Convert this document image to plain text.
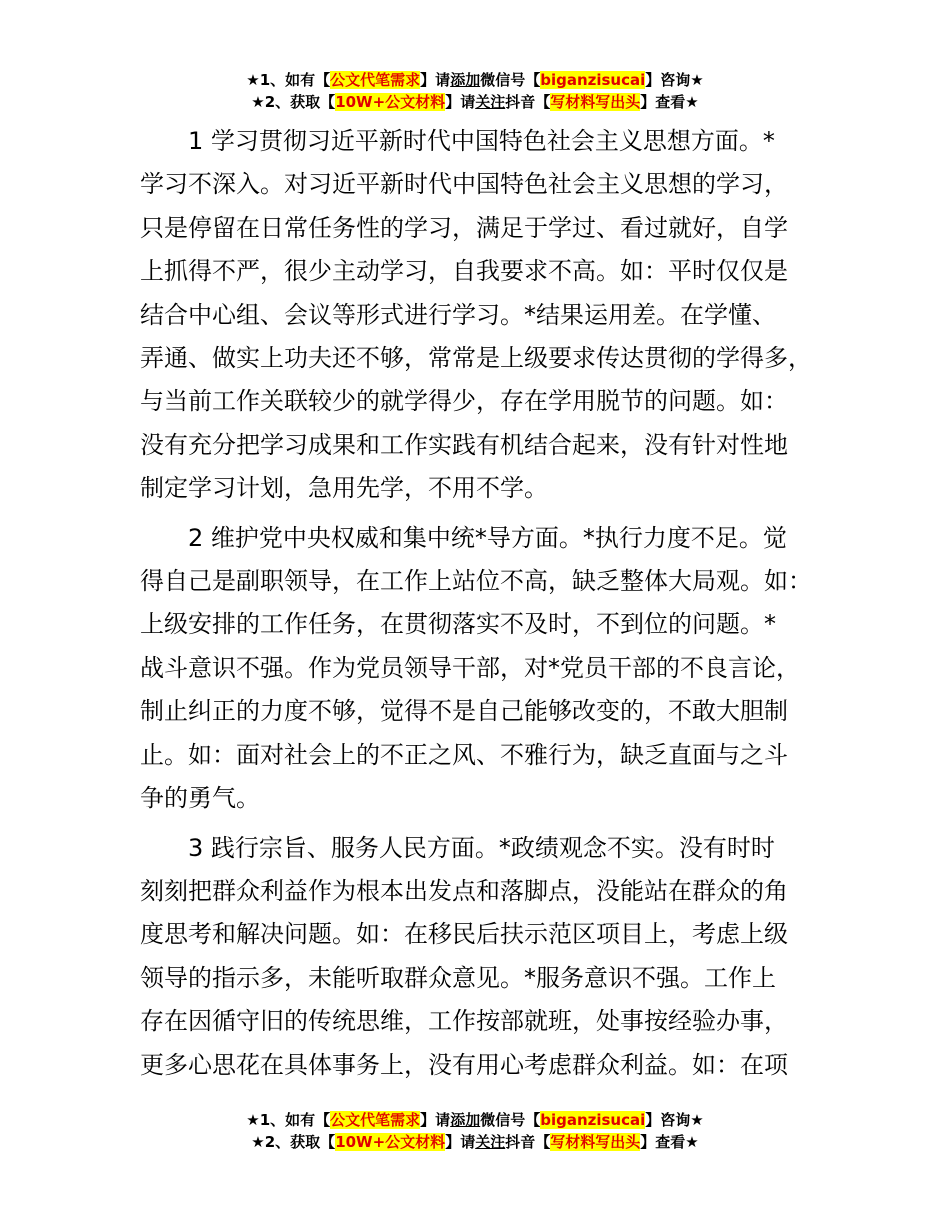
★1、如有【公文代笔需求】请添加微信号【biganzisucai】咨询★
★2、获取【10W+公文材料】请关注抖音【写材料写出头】查看★

1 学习贯彻习近平新时代中国特色社会主义思想方面。*
学习不深入。对习近平新时代中国特色社会主义思想的学习，
只是停留在日常任务性的学习，满足于学过、看过就好，自学
上抓得不严，很少主动学习，自我要求不高。如：平时仅仅是
结合中心组、会议等形式进行学习。*结果运用差。在学懂、
弄通、做实上功夫还不够，常常是上级要求传达贯彻的学得多，
与当前工作关联较少的就学得少，存在学用脱节的问题。如：
没有充分把学习成果和工作实践有机结合起来，没有针对性地
制定学习计划，急用先学，不用不学。

2 维护党中央权威和集中统*导方面。*执行力度不足。觉
得自己是副职领导，在工作上站位不高，缺乏整体大局观。如：
上级安排的工作任务，在贯彻落实不及时，不到位的问题。*
战斗意识不强。作为党员领导干部，对*党员干部的不良言论，
制止纠正的力度不够，觉得不是自己能够改变的，不敢大胆制
止。如：面对社会上的不正之风、不雅行为，缺乏直面与之斗
争的勇气。

3 践行宗旨、服务人民方面。*政绩观念不实。没有时时
刻刻把群众利益作为根本出发点和落脚点，没能站在群众的角
度思考和解决问题。如：在移民后扶示范区项目上，考虑上级
领导的指示多，未能听取群众意见。*服务意识不强。工作上
存在因循守旧的传统思维，工作按部就班，处事按经验办事，
更多心思花在具体事务上，没有用心考虑群众利益。如：在项

★1、如有【公文代笔需求】请添加微信号【biganzisucai】咨询★
★2、获取【10W+公文材料】请关注抖音【写材料写出头】查看★
